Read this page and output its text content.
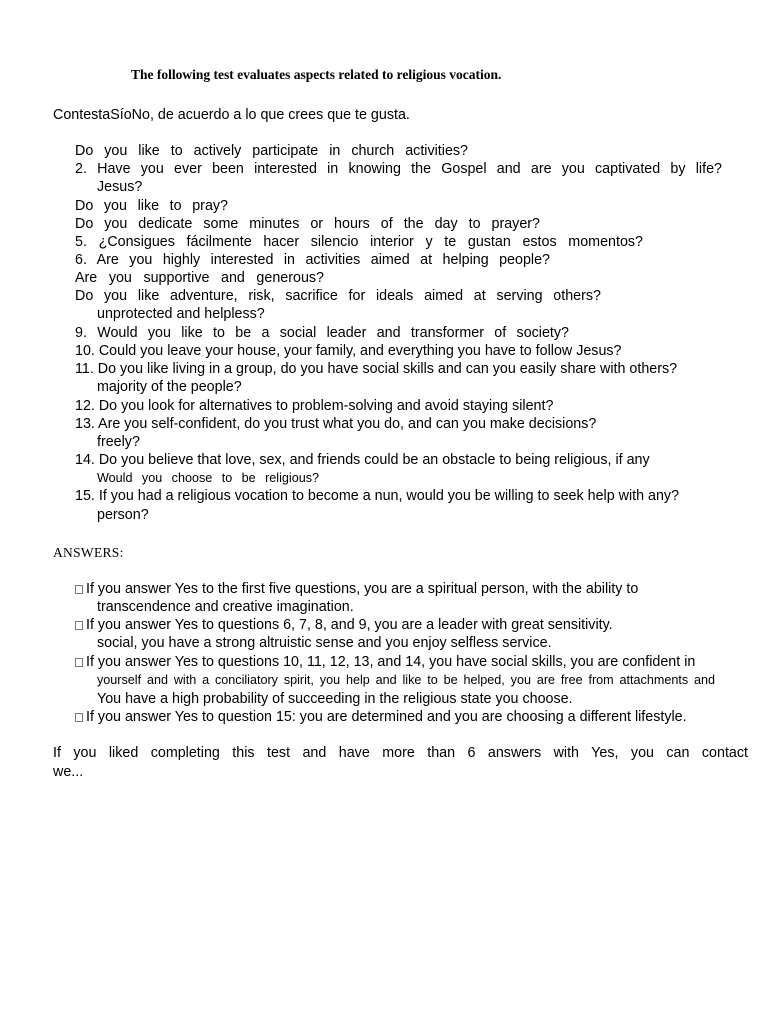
The following test evaluates aspects related to religious vocation.
ContestaSíoNo, de acuerdo a lo que crees que te gusta.
Do you like to actively participate in church activities?
2. Have you ever been interested in knowing the Gospel and are you captivated by life?
Jesus?
Do you like to pray?
Do you dedicate some minutes or hours of the day to prayer?
5. ¿Consigues fácilmente hacer silencio interior y te gustan estos momentos?
6. Are you highly interested in activities aimed at helping people?
Are you supportive and generous?
Do you like adventure, risk, sacrifice for ideals aimed at serving others?
unprotected and helpless?
9. Would you like to be a social leader and transformer of society?
10. Could you leave your house, your family, and everything you have to follow Jesus?
11. Do you like living in a group, do you have social skills and can you easily share with others?
majority of the people?
12. Do you look for alternatives to problem-solving and avoid staying silent?
13. Are you self-confident, do you trust what you do, and can you make decisions?
freely?
14. Do you believe that love, sex, and friends could be an obstacle to being religious, if any
Would you choose to be religious?
15. If you had a religious vocation to become a nun, would you be willing to seek help with any?
person?
ANSWERS:
If you answer Yes to the first five questions, you are a spiritual person, with the ability to
transcendence and creative imagination.
If you answer Yes to questions 6, 7, 8, and 9, you are a leader with great sensitivity.
social, you have a strong altruistic sense and you enjoy selfless service.
If you answer Yes to questions 10, 11, 12, 13, and 14, you have social skills, you are confident in
yourself and with a conciliatory spirit, you help and like to be helped, you are free from attachments and
You have a high probability of succeeding in the religious state you choose.
If you answer Yes to question 15: you are determined and you are choosing a different lifestyle.
If you liked completing this test and have more than 6 answers with Yes, you can contact
we...
